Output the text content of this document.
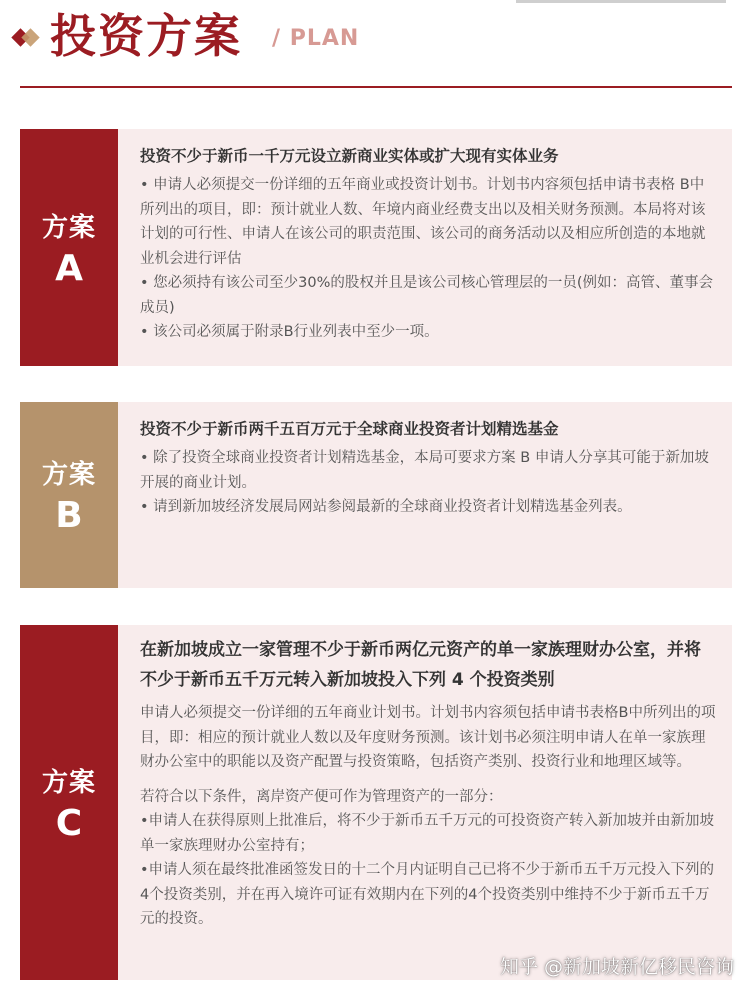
投资方案 / PLAN
方案
A

投资不少于新币一千万元设立新商业实体或扩大现有实体业务

• 申请人必须提交一份详细的五年商业或投资计划书。计划书内容须包括申请书表格 B中所列出的项目，即：预计就业人数、年境内商业经费支出以及相关财务预测。本局将对该计划的可行性、申请人在该公司的职责范围、该公司的商务活动以及相应所创造的本地就业机会进行评估

• 您必须持有该公司至少30%的股权并且是该公司核心管理层的一员(例如：高管、董事会成员)

• 该公司必须属于附录B行业列表中至少一项。

方案
B

投资不少于新币两千五百万元于全球商业投资者计划精选基金

• 除了投资全球商业投资者计划精选基金，本局可要求方案 B 申请人分享其可能于新加坡开展的商业计划。

• 请到新加坡经济发展局网站参阅最新的全球商业投资者计划精选基金列表。

方案
C

在新加坡成立一家管理不少于新币两亿元资产的单一家族理财办公室，并将不少于新币五千万元转入新加坡投入下列 4 个投资类别

申请人必须提交一份详细的五年商业计划书。计划书内容须包括申请书表格B中所列出的项目，即：相应的预计就业人数以及年度财务预测。该计划书必须注明申请人在单一家族理财办公室中的职能以及资产配置与投资策略，包括资产类别、投资行业和地理区域等。

若符合以下条件，离岸资产便可作为管理资产的一部分：

•申请人在获得原则上批准后，将不少于新币五千万元的可投资资产转入新加坡并由新加坡单一家族理财办公室持有；

•申请人须在最终批准函签发日的十二个月内证明自己已将不少于新币五千万元投入下列的4个投资类别，并在再入境许可证有效期内在下列的4个投资类别中维持不少于新币五千万元的投资。

知乎 @新加坡新亿移民咨询
